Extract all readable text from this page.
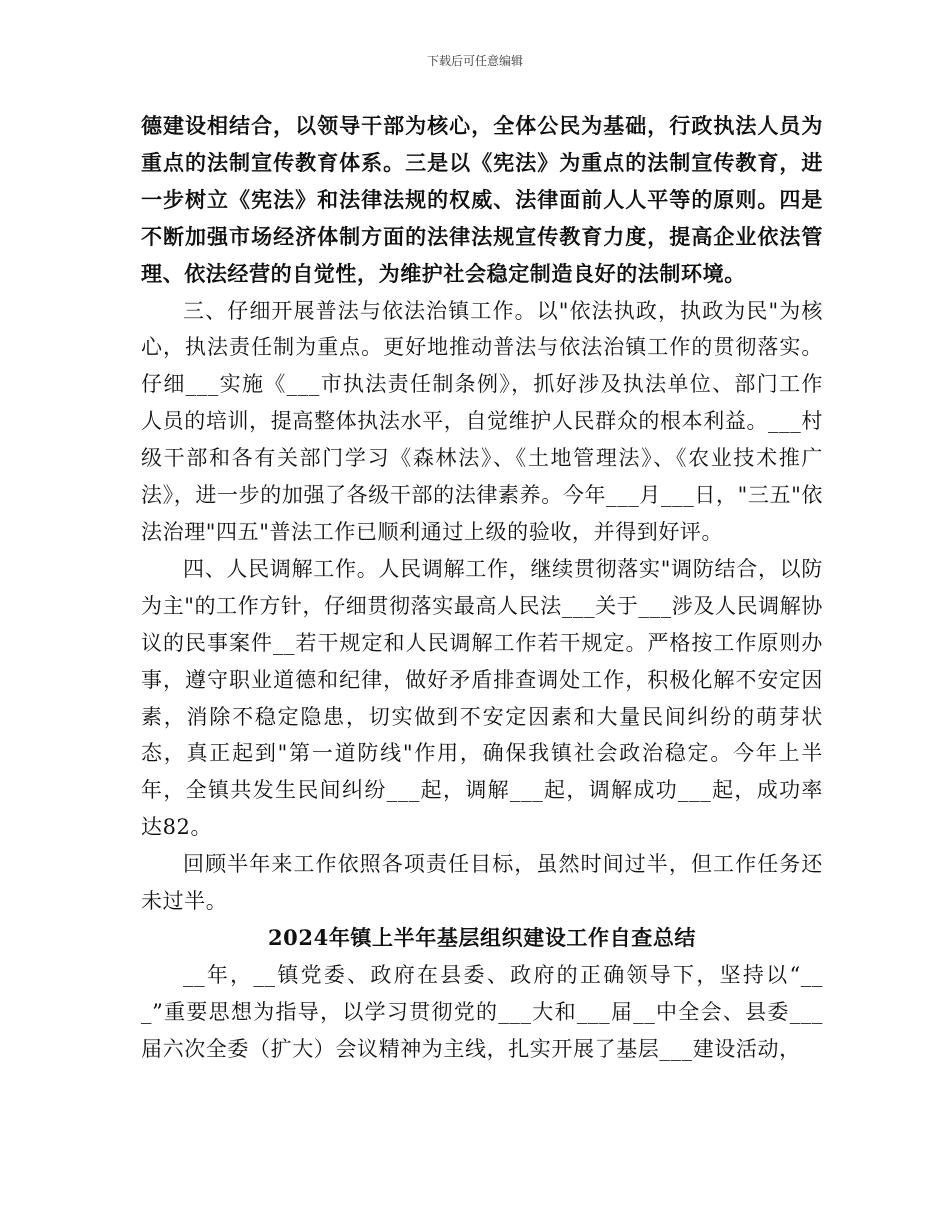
下载后可任意编辑

德建设相结合，以领导干部为核心，全体公民为基础，行政执法人员为重点的法制宣传教育体系。三是以《宪法》为重点的法制宣传教育，进一步树立《宪法》和法律法规的权威、法律面前人人平等的原则。四是不断加强市场经济体制方面的法律法规宣传教育力度，提高企业依法管理、依法经营的自觉性，为维护社会稳定制造良好的法制环境。

三、仔细开展普法与依法治镇工作。以"依法执政，执政为民"为核心，执法责任制为重点。更好地推动普法与依法治镇工作的贯彻落实。仔细___实施《___市执法责任制条例》，抓好涉及执法单位、部门工作人员的培训，提高整体执法水平，自觉维护人民群众的根本利益。___村级干部和各有关部门学习《森林法》、《土地管理法》、《农业技术推广法》，进一步的加强了各级干部的法律素养。今年___月___日，"三五"依法治理"四五"普法工作已顺利通过上级的验收，并得到好评。

四、人民调解工作。人民调解工作，继续贯彻落实"调防结合，以防为主"的工作方针，仔细贯彻落实最高人民法___关于___涉及人民调解协议的民事案件__若干规定和人民调解工作若干规定。严格按工作原则办事，遵守职业道德和纪律，做好矛盾排查调处工作，积极化解不安定因素，消除不稳定隐患，切实做到不安定因素和大量民间纠纷的萌芽状态，真正起到"第一道防线"作用，确保我镇社会政治稳定。今年上半年，全镇共发生民间纠纷___起，调解___起，调解成功___起，成功率达82。

回顾半年来工作依照各项责任目标，虽然时间过半，但工作任务还未过半。

2024年镇上半年基层组织建设工作自查总结

__年，__镇党委、政府在县委、政府的正确领导下，坚持以“___”重要思想为指导，以学习贯彻党的___大和___届__中全会、县委___届六次全委（扩大）会议精神为主线，扎实开展了基层___建设活动，
